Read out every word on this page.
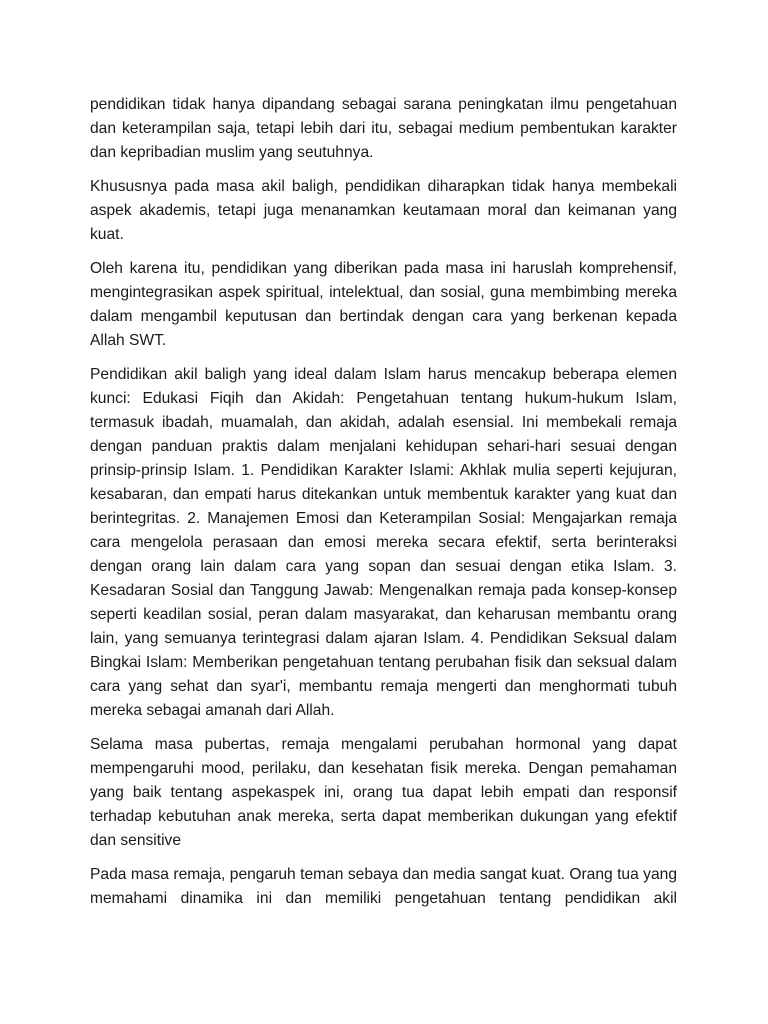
pendidikan tidak hanya dipandang sebagai sarana peningkatan ilmu pengetahuan dan keterampilan saja, tetapi lebih dari itu, sebagai medium pembentukan karakter dan kepribadian muslim yang seutuhnya.

Khususnya pada masa akil baligh, pendidikan diharapkan tidak hanya membekali aspek akademis, tetapi juga menanamkan keutamaan moral dan keimanan yang kuat.

Oleh karena itu, pendidikan yang diberikan pada masa ini haruslah komprehensif, mengintegrasikan aspek spiritual, intelektual, dan sosial, guna membimbing mereka dalam mengambil keputusan dan bertindak dengan cara yang berkenan kepada Allah SWT.

Pendidikan akil baligh yang ideal dalam Islam harus mencakup beberapa elemen kunci: Edukasi Fiqih dan Akidah: Pengetahuan tentang hukum-hukum Islam, termasuk ibadah, muamalah, dan akidah, adalah esensial. Ini membekali remaja dengan panduan praktis dalam menjalani kehidupan sehari-hari sesuai dengan prinsip-prinsip Islam. 1. Pendidikan Karakter Islami: Akhlak mulia seperti kejujuran, kesabaran, dan empati harus ditekankan untuk membentuk karakter yang kuat dan berintegritas. 2. Manajemen Emosi dan Keterampilan Sosial: Mengajarkan remaja cara mengelola perasaan dan emosi mereka secara efektif, serta berinteraksi dengan orang lain dalam cara yang sopan dan sesuai dengan etika Islam. 3. Kesadaran Sosial dan Tanggung Jawab: Mengenalkan remaja pada konsep-konsep seperti keadilan sosial, peran dalam masyarakat, dan keharusan membantu orang lain, yang semuanya terintegrasi dalam ajaran Islam. 4. Pendidikan Seksual dalam Bingkai Islam: Memberikan pengetahuan tentang perubahan fisik dan seksual dalam cara yang sehat dan syar'i, membantu remaja mengerti dan menghormati tubuh mereka sebagai amanah dari Allah.

Selama masa pubertas, remaja mengalami perubahan hormonal yang dapat mempengaruhi mood, perilaku, dan kesehatan fisik mereka. Dengan pemahaman yang baik tentang aspekaspek ini, orang tua dapat lebih empati dan responsif terhadap kebutuhan anak mereka, serta dapat memberikan dukungan yang efektif dan sensitive

Pada masa remaja, pengaruh teman sebaya dan media sangat kuat. Orang tua yang memahami dinamika ini dan memiliki pengetahuan tentang pendidikan akil
